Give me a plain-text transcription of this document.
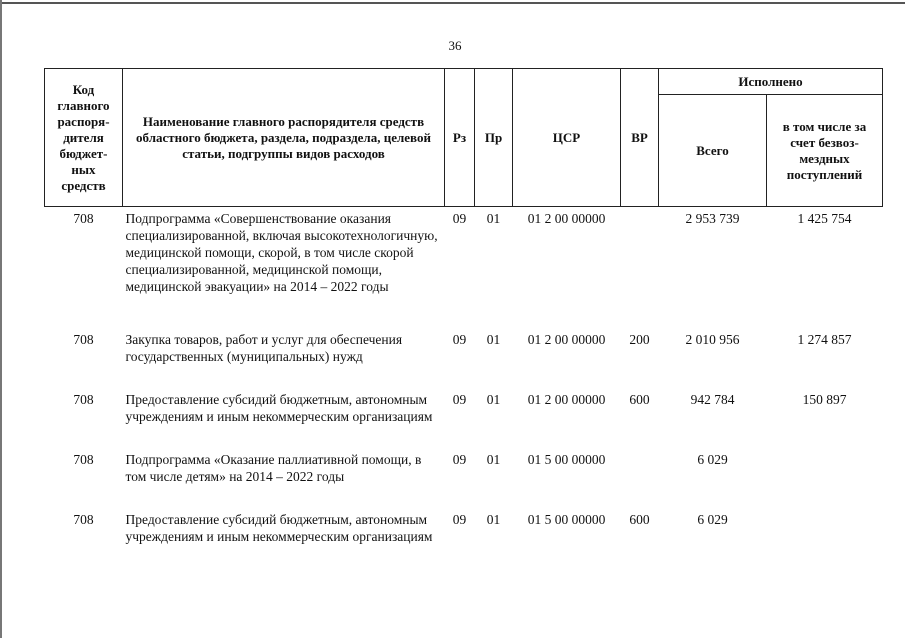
36
Код главного распоря-дителя бюджет-ных средств	Наименование главного распорядителя средств областного бюджета, раздела, подраздела, целевой статьи, подгруппы видов расходов	Рз	Пр	ЦСР	ВР	Исполнено	
						Всего	в том числе за счет безвоз-мездных поступлений
708	Подпрограмма «Совершенствование оказания специализированной, включая высокотехнологичную, медицинской помощи, скорой, в том числе скорой специализированной, медицинской помощи, медицинской эвакуации» на 2014 – 2022 годы	09	01	01 2 00 00000		2 953 739	1 425 754
708	Закупка товаров, работ и услуг для обеспечения государственных (муниципальных) нужд	09	01	01 2 00 00000	200	2 010 956	1 274 857
708	Предоставление субсидий бюджетным, автономным учреждениям и иным некоммерческим организациям	09	01	01 2 00 00000	600	942 784	150 897
708	Подпрограмма «Оказание паллиативной помощи, в том числе детям» на 2014 – 2022 годы	09	01	01 5 00 00000		6 029	
708	Предоставление субсидий бюджетным, автономным учреждениям и иным некоммерческим организациям	09	01	01 5 00 00000	600	6 029	
